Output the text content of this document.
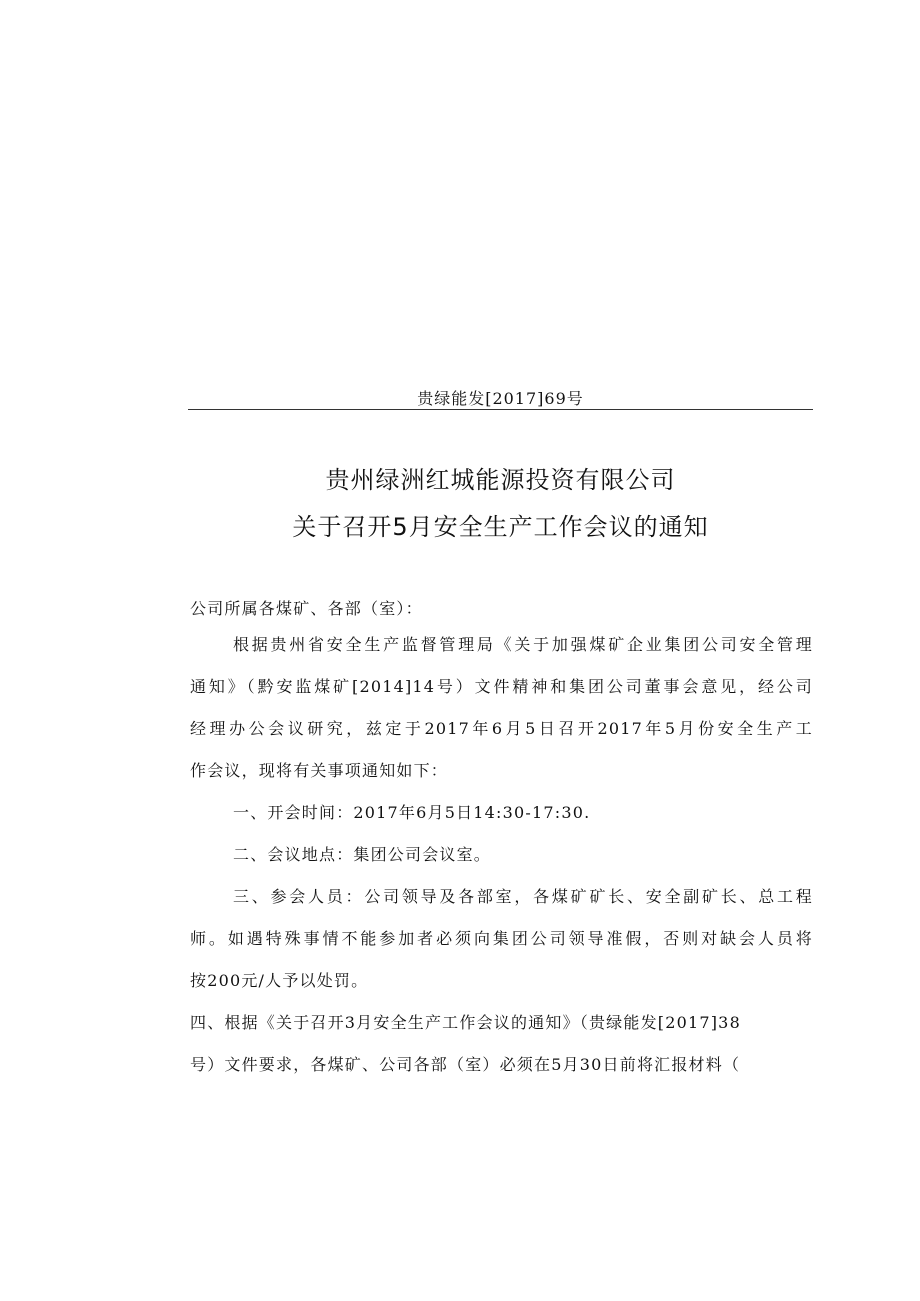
贵绿能发[2017]69号
贵州绿洲红城能源投资有限公司
关于召开5月安全生产工作会议的通知
公司所属各煤矿、各部（室）：
根据贵州省安全生产监督管理局《关于加强煤矿企业集团公司安全管理
通知》（黔安监煤矿[2014]14号）文件精神和集团公司董事会意见，经公司
经理办公会议研究，兹定于2017年6月5日召开2017年5月份安全生产工
作会议，现将有关事项通知如下：
一、开会时间：2017年6月5日14:30-17:30.
二、会议地点：集团公司会议室。
三、参会人员：公司领导及各部室，各煤矿矿长、安全副矿长、总工程
师。如遇特殊事情不能参加者必须向集团公司领导准假，否则对缺会人员将
按200元/人予以处罚。
四、根据《关于召开3月安全生产工作会议的通知》（贵绿能发[2017]38
号）文件要求，各煤矿、公司各部（室）必须在5月30日前将汇报材料（
